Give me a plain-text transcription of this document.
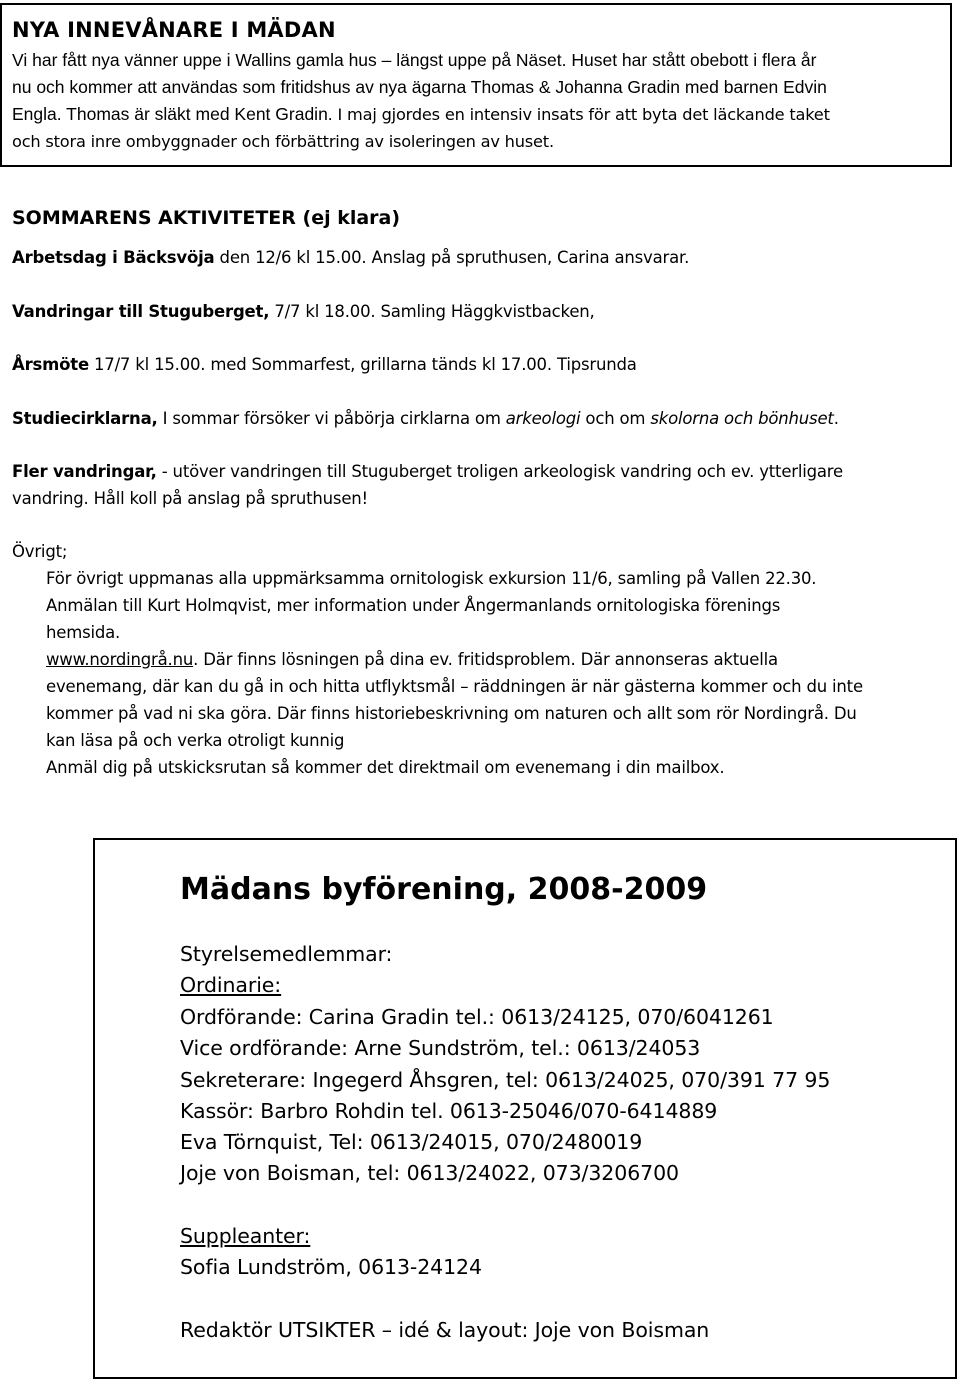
NYA INNEVÅNARE I MÄDAN

Vi har fått nya vänner uppe i Wallins gamla hus – längst uppe på Näset. Huset har stått obebott i flera år

nu och kommer att användas som fritidshus av nya ägarna Thomas & Johanna Gradin med barnen Edvin

Engla. Thomas är släkt med Kent Gradin. I maj gjordes en intensiv insats för att byta det läckande taket

och stora inre ombyggnader och förbättring av isoleringen av huset.

SOMMARENS AKTIVITETER (ej klara)

Arbetsdag i Bäcksvöja den 12/6 kl 15.00. Anslag på spruthusen, Carina ansvarar.

Vandringar till Stuguberget, 7/7 kl 18.00. Samling Häggkvistbacken,

Årsmöte 17/7 kl 15.00. med Sommarfest, grillarna tänds kl 17.00. Tipsrunda

Studiecirklarna, I sommar försöker vi påbörja cirklarna om arkeologi och om skolorna och bönhuset.

Fler vandringar, - utöver vandringen till Stuguberget troligen arkeologisk vandring och ev. ytterligare

vandring. Håll koll på anslag på spruthusen!

Övrigt;

För övrigt uppmanas alla uppmärksamma ornitologisk exkursion 11/6, samling på Vallen 22.30.

Anmälan till Kurt Holmqvist, mer information under Ångermanlands ornitologiska förenings

hemsida.

www.nordingrå.nu. Där finns lösningen på dina ev. fritidsproblem. Där annonseras aktuella

evenemang, där kan du gå in och hitta utflyktsmål – räddningen är när gästerna kommer och du inte

kommer på vad ni ska göra. Där finns historiebeskrivning om naturen och allt som rör Nordingrå. Du

kan läsa på och verka otroligt kunnig

Anmäl dig på utskicksrutan så kommer det direktmail om evenemang i din mailbox.

Mädans byförening, 2008-2009
Styrelsemedlemmar:
Ordinarie:
Ordförande: Carina Gradin tel.: 0613/24125, 070/6041261
Vice ordförande: Arne Sundström, tel.: 0613/24053
Sekreterare: Ingegerd Åhsgren, tel: 0613/24025, 070/391 77 95
Kassör: Barbro Rohdin tel. 0613-25046/070-6414889
Eva Törnquist, Tel: 0613/24015, 070/2480019
Joje von Boisman, tel: 0613/24022, 073/3206700
Suppleanter:
Sofia Lundström, 0613-24124
Redaktör UTSIKTER – idé & layout: Joje von Boisman
